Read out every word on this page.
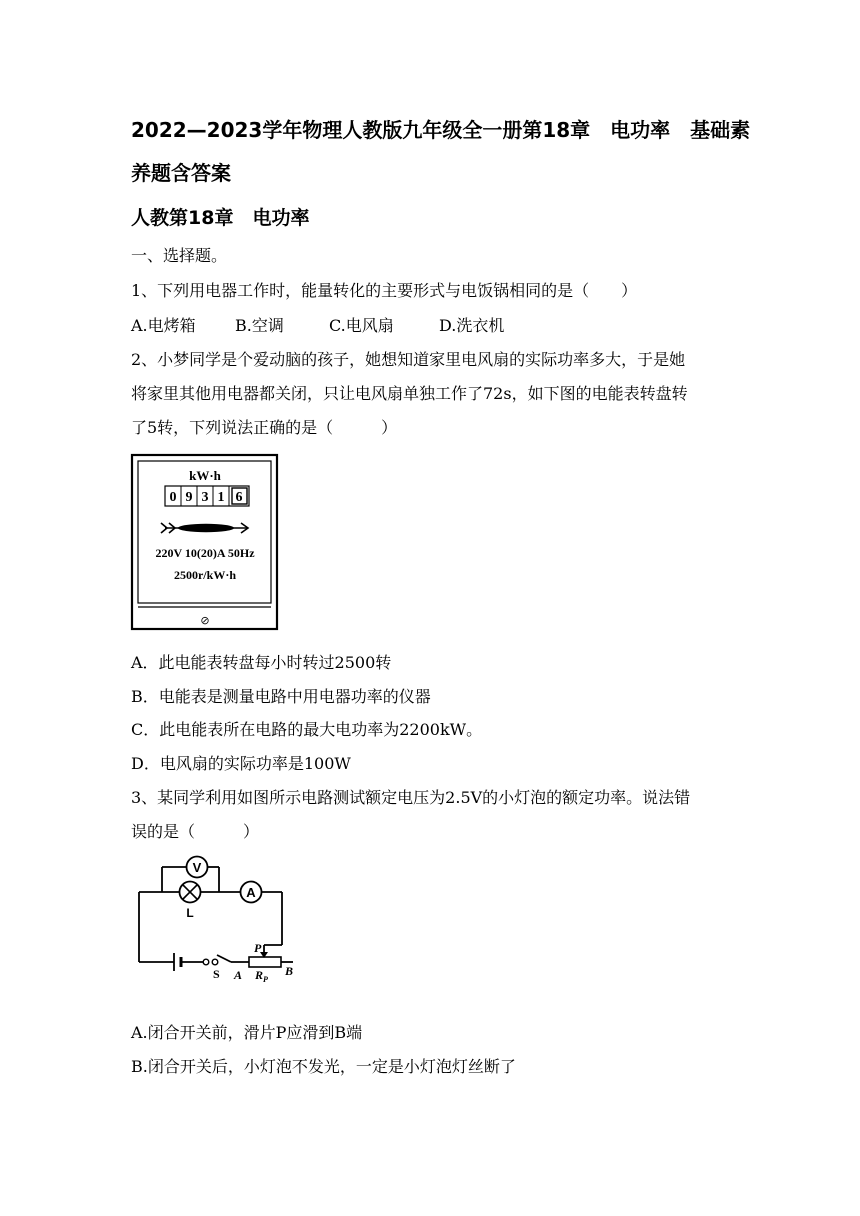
2022—2023学年物理人教版九年级全一册第18章　电功率　基础素
养题含答案
人教第18章　电功率
一、选择题。
1、下列用电器工作时，能量转化的主要形式与电饭锅相同的是（　　）
A.电烤箱 B.空调	C.电风扇	D.洗衣机
2、小梦同学是个爱动脑的孩子，她想知道家里电风扇的实际功率多大，于是她
将家里其他用电器都关闭，只让电风扇单独工作了72s，如下图的电能表转盘转
了5转，下列说法正确的是（　　　）
kW·h
0 9 3 1 6
220V 10(20)A 50Hz
2500r/kW·h
⊘
A．此电能表转盘每小时转过2500转
B．电能表是测量电路中用电器功率的仪器
C．此电能表所在电路的最大电功率为2200kW。
D．电风扇的实际功率是100W
3、某同学利用如图所示电路测试额定电压为2.5V的小灯泡的额定功率。说法错
误的是（　　　）
V
L
A
P
S A	B
$R_P$
A.闭合开关前，滑片P应滑到B端
B.闭合开关后，小灯泡不发光，一定是小灯泡灯丝断了
